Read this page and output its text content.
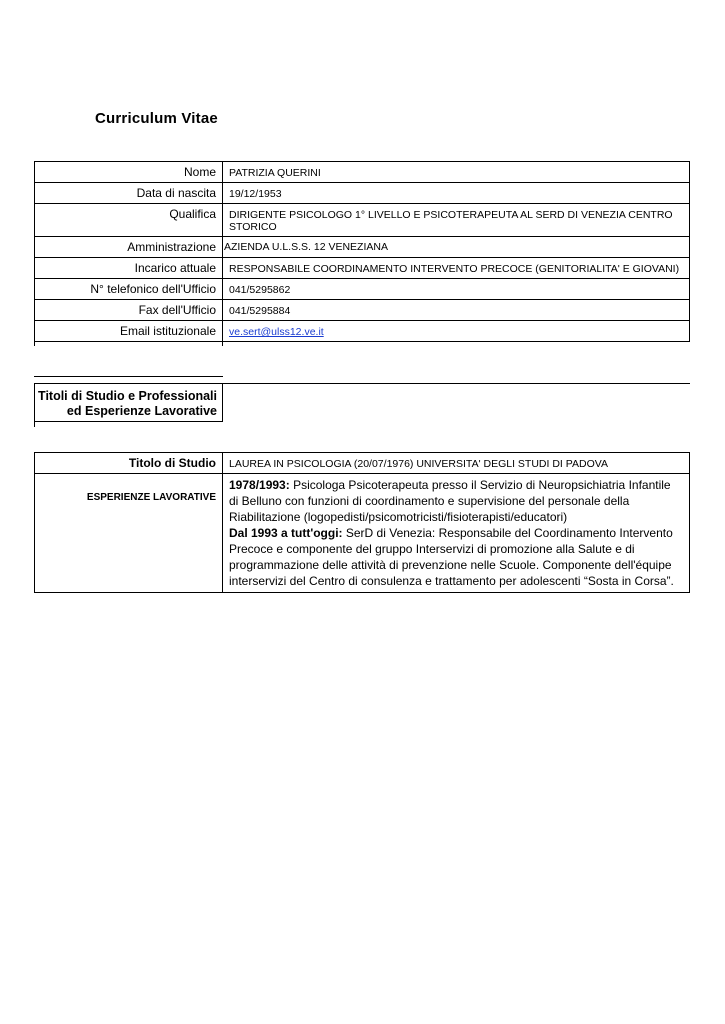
Curriculum Vitae
Nome	PATRIZIA QUERINI
Data di nascita	19/12/1953
Qualifica	DIRIGENTE PSICOLOGO 1° LIVELLO E PSICOTERAPEUTA AL SERD DI VENEZIA CENTRO STORICO
Amministrazione	AZIENDA U.L.S.S. 12 VENEZIANA
Incarico attuale	RESPONSABILE COORDINAMENTO INTERVENTO PRECOCE (GENITORIALITA' E GIOVANI)
N° telefonico dell'Ufficio	041/5295862
Fax dell'Ufficio	041/5295884
Email istituzionale	ve.sert@ulss12.ve.it

Titoli di Studio e Professionali
ed Esperienze Lavorative
Titolo di Studio	LAUREA IN PSICOLOGIA (20/07/1976) UNIVERSITA' DEGLI STUDI DI PADOVA
ESPERIENZE LAVORATIVE	1978/1993: Psicologa Psicoterapeuta presso il Servizio di Neuropsichiatria Infantile di Belluno con funzioni di coordinamento e supervisione del personale della Riabilitazione (logopedisti/psicomotricisti/fisioterapisti/educatori)
Dal 1993 a tutt'oggi: SerD di Venezia: Responsabile del Coordinamento Intervento Precoce e componente del gruppo Interservizi di promozione alla Salute e di programmazione delle attività di prevenzione nelle Scuole. Componente dell'équipe interservizi del Centro di consulenza e trattamento per adolescenti “Sosta in Corsa”.
